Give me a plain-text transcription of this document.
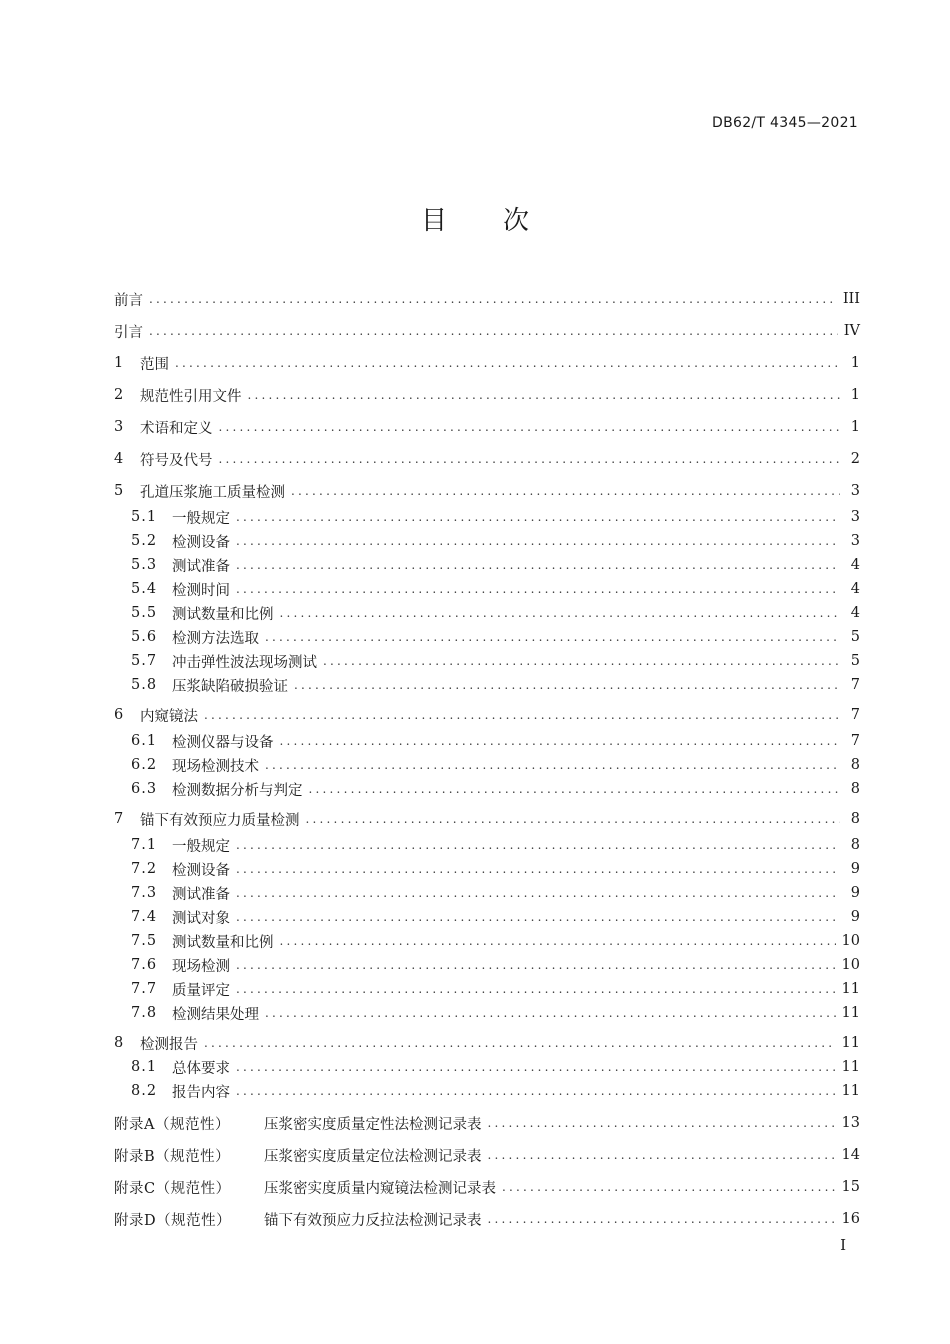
DB62/T 4345—2021
目次
前言 .....	III
引言 .....	IV
1	范围 .....	1
2	规范性引用文件 .....	1
3	术语和定义 .....	1
4	符号及代号 .....	2
5	孔道压浆施工质量检测 .....	3
5.1	一般规定 .....	3
5.2	检测设备 .....	3
5.3	测试准备 .....	4
5.4	检测时间 .....	4
5.5	测试数量和比例 .....	4
5.6	检测方法选取 .....	5
5.7	冲击弹性波法现场测试 .....	5
5.8	压浆缺陷破损验证 .....	7
6	内窥镜法 .....	7
6.1	检测仪器与设备 .....	7
6.2	现场检测技术 .....	8
6.3	检测数据分析与判定 .....	8
7	锚下有效预应力质量检测 .....	8
7.1	一般规定 .....	8
7.2	检测设备 .....	9
7.3	测试准备 .....	9
7.4	测试对象 .....	9
7.5	测试数量和比例 .....	10
7.6	现场检测 .....	10
7.7	质量评定 .....	11
7.8	检测结果处理 .....	11
8	检测报告 .....	11
8.1	总体要求 .....	11
8.2	报告内容 .....	11
附录A（规范性）	压浆密实度质量定性法检测记录表 .....	13
附录B（规范性）	压浆密实度质量定位法检测记录表 .....	14
附录C（规范性）	压浆密实度质量内窥镜法检测记录表 .....	15
附录D（规范性）	锚下有效预应力反拉法检测记录表 .....	16
I
